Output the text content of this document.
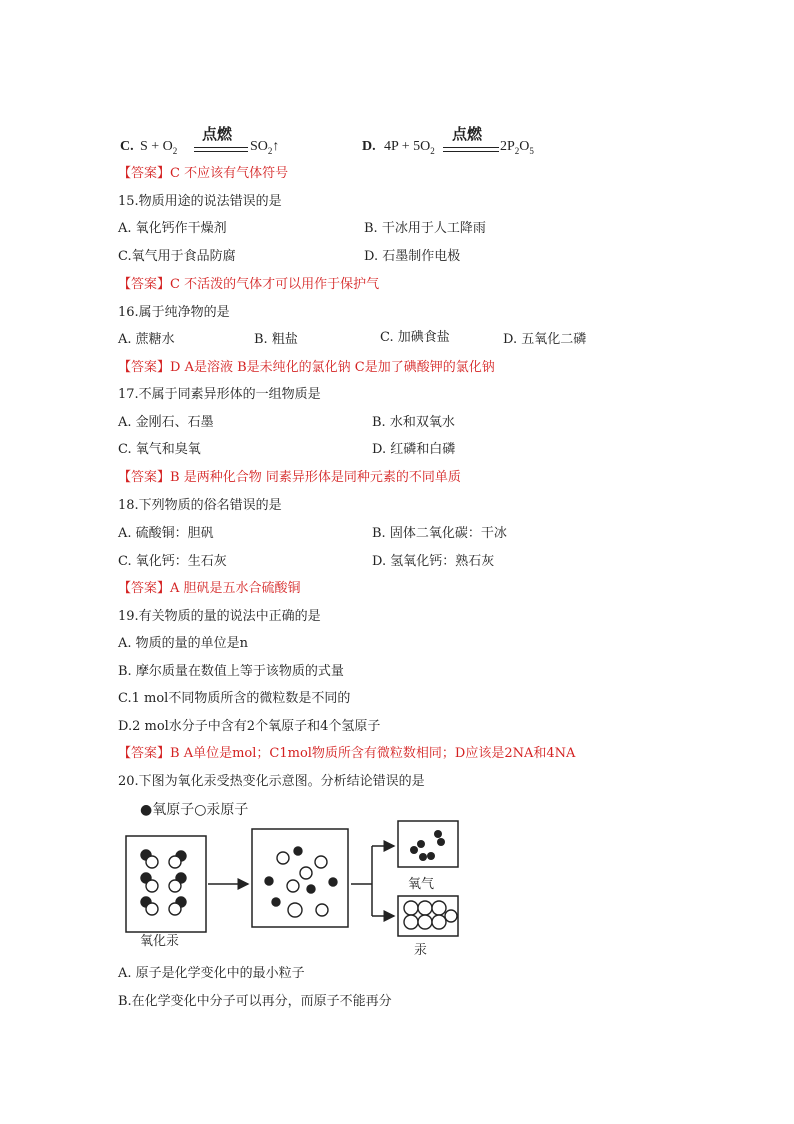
C. $S + O_2$
点燃
$SO_2↑$	D. $4P + 5O_2$
点燃
$2P_2O_5$
【答案】C 不应该有气体符号
15.物质用途的说法错误的是
A. 氧化钙作干燥剂	B. 干冰用于人工降雨
C.氧气用于食品防腐	D. 石墨制作电极
【答案】C 不活泼的气体才可以用作于保护气
16.属于纯净物的是
A. 蔗糖水	B. 粗盐	C. 加碘食盐	D. 五氧化二磷
【答案】D A是溶液 B是未纯化的氯化钠 C是加了碘酸钾的氯化钠
17.不属于同素异形体的一组物质是
A. 金刚石、石墨	B. 水和双氧水
C. 氧气和臭氧	D. 红磷和白磷
【答案】B 是两种化合物 同素异形体是同种元素的不同单质
18.下列物质的俗名错误的是
A. 硫酸铜：胆矾	B. 固体二氧化碳：干冰
C. 氧化钙：生石灰	D. 氢氧化钙：熟石灰
【答案】A 胆矾是五水合硫酸铜
19.有关物质的量的说法中正确的是
A. 物质的量的单位是n
B. 摩尔质量在数值上等于该物质的式量
C.1 mol不同物质所含的微粒数是不同的
D.2 mol水分子中含有2个氧原子和4个氢原子
【答案】B A单位是mol；C1mol物质所含有微粒数相同；D应该是2NA和4NA
20.下图为氧化汞受热变化示意图。分析结论错误的是
●氧原子○汞原子
氧化汞
氧气
汞
A. 原子是化学变化中的最小粒子
B.在化学变化中分子可以再分，而原子不能再分
